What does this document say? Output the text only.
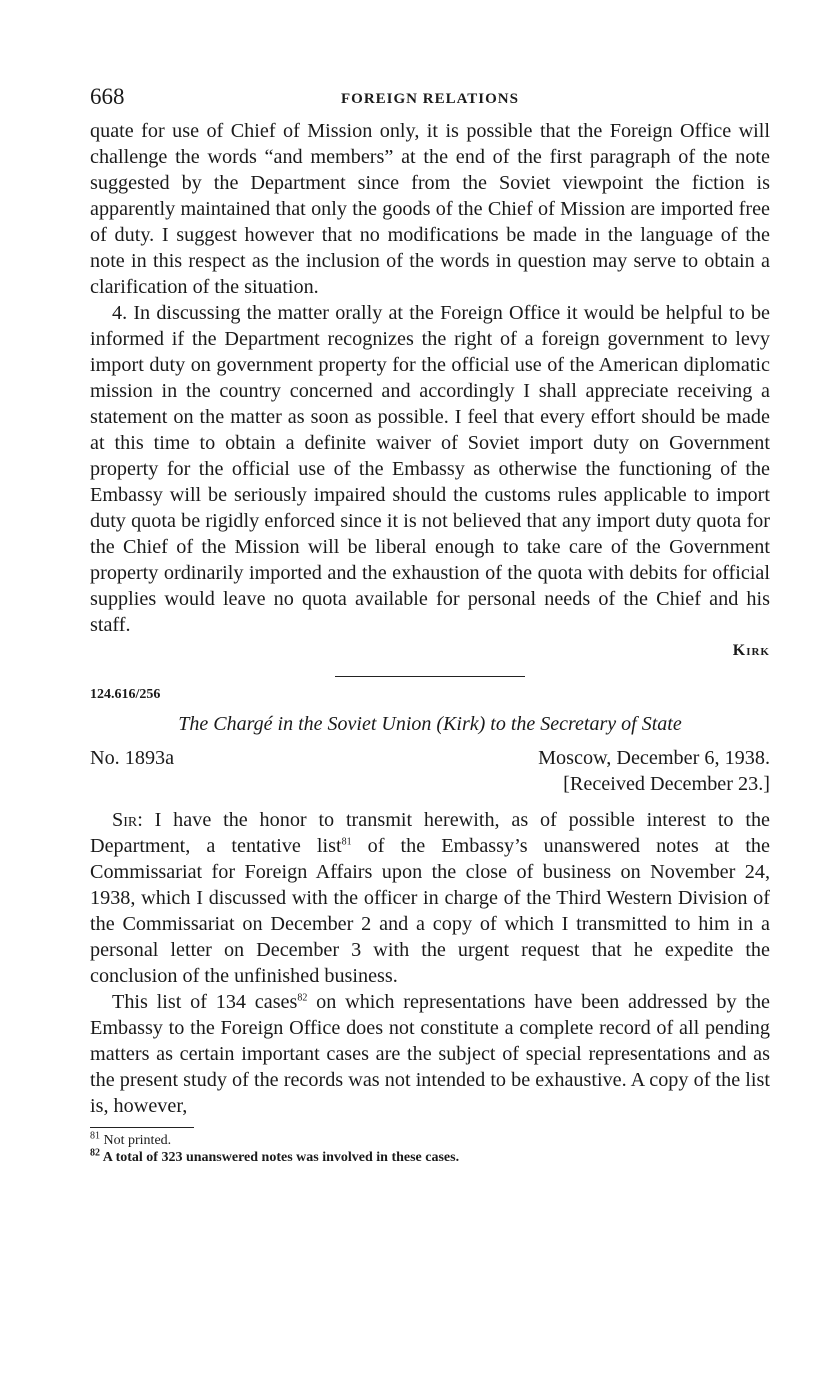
668	FOREIGN RELATIONS

quate for use of Chief of Mission only, it is possible that the Foreign Office will challenge the words “and members” at the end of the first paragraph of the note suggested by the Department since from the Soviet viewpoint the fiction is apparently maintained that only the goods of the Chief of Mission are imported free of duty. I suggest however that no modifications be made in the language of the note in this respect as the inclusion of the words in question may serve to obtain a clarification of the situation.

4. In discussing the matter orally at the Foreign Office it would be helpful to be informed if the Department recognizes the right of a foreign government to levy import duty on government property for the official use of the American diplomatic mission in the country concerned and accordingly I shall appreciate receiving a statement on the matter as soon as possible. I feel that every effort should be made at this time to obtain a definite waiver of Soviet import duty on Government property for the official use of the Embassy as otherwise the functioning of the Embassy will be seriously impaired should the customs rules applicable to import duty quota be rigidly enforced since it is not believed that any import duty quota for the Chief of the Mission will be liberal enough to take care of the Government property ordinarily imported and the exhaustion of the quota with debits for official supplies would leave no quota available for personal needs of the Chief and his staff.

Kirk
124.616/256
The Chargé in the Soviet Union (Kirk) to the Secretary of State
No. 1893a	Moscow, December 6, 1938.
[Received December 23.]

Sir: I have the honor to transmit herewith, as of possible interest to the Department, a tentative list$^{81}$ of the Embassy’s unanswered notes at the Commissariat for Foreign Affairs upon the close of business on November 24, 1938, which I discussed with the officer in charge of the Third Western Division of the Commissariat on December 2 and a copy of which I transmitted to him in a personal letter on December 3 with the urgent request that he expedite the conclusion of the unfinished business.

This list of 134 cases$^{82}$ on which representations have been addressed by the Embassy to the Foreign Office does not constitute a complete record of all pending matters as certain important cases are the subject of special representations and as the present study of the records was not intended to be exhaustive. A copy of the list is, however,

$^{81}$ Not printed.
$^{82}$ A total of 323 unanswered notes was involved in these cases.
